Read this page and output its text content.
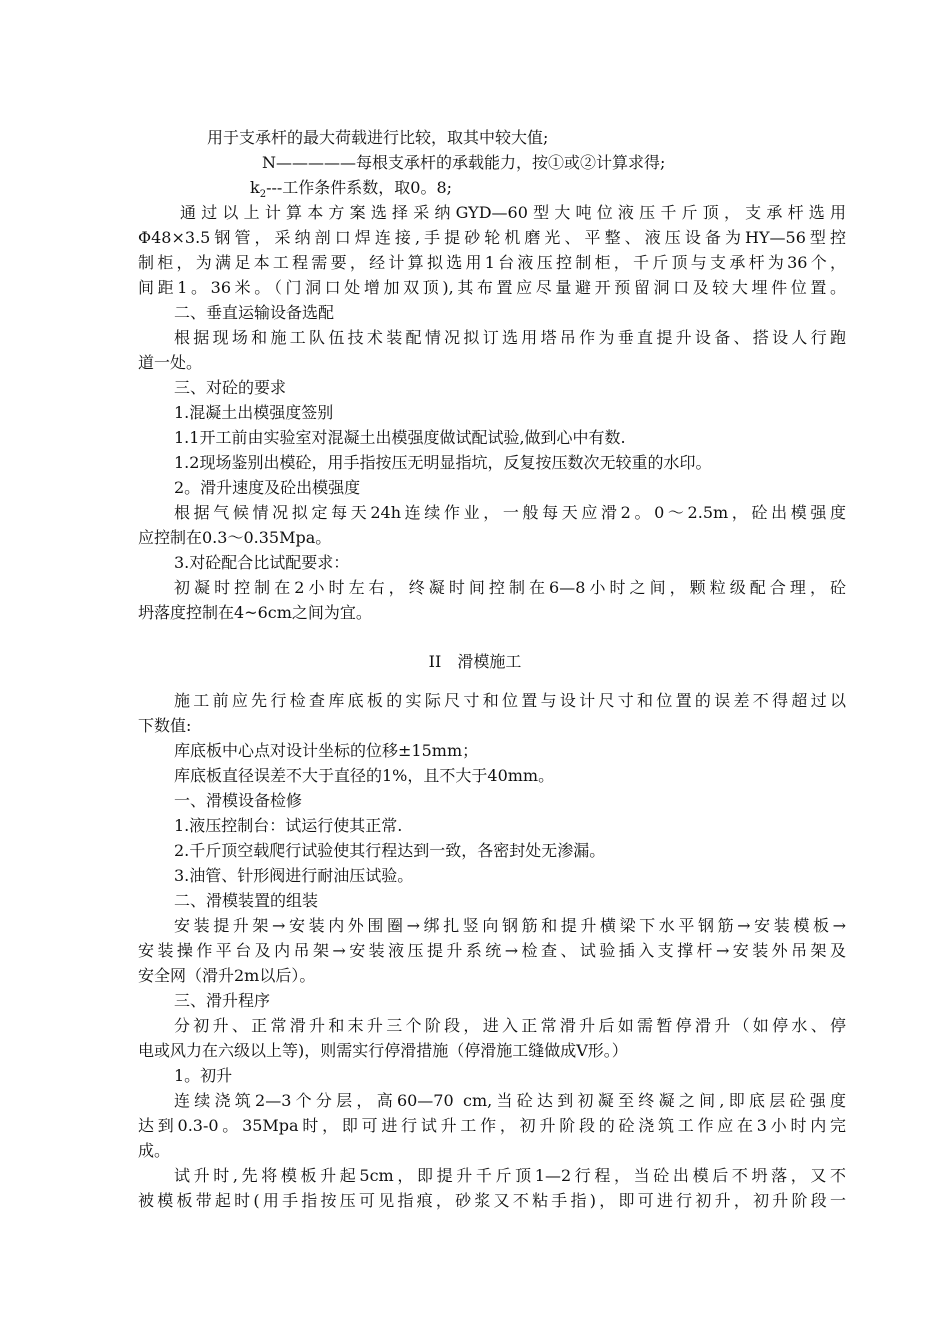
用于支承杆的最大荷载进行比较，取其中较大值;
N—————每根支承杆的承载能力，按①或②计算求得;
$k_2---$工作条件系数，取0。8;
通过以上计算本方案选择采纳GYD—60型大吨位液压千斤顶，支承杆选用
Φ48×3.5钢管，采纳剖口焊连接,手提砂轮机磨光、平整、液压设备为HY—56型控
制柜，为满足本工程需要，经计算拟选用1台液压控制柜，千斤顶与支承杆为36个，
间距1。36米。（门洞口处增加双顶),其布置应尽量避开预留洞口及较大埋件位置。
二、垂直运输设备选配
根据现场和施工队伍技术装配情况拟订选用塔吊作为垂直提升设备、搭设人行跑
道一处。
三、对砼的要求
1.混凝土出模强度签别
1.1开工前由实验室对混凝土出模强度做试配试验,做到心中有数.
1.2现场鉴别出模砼，用手指按压无明显指坑，反复按压数次无较重的水印。
2。滑升速度及砼出模强度
根据气候情况拟定每天24h连续作业，一般每天应滑2。0～2.5m，砼出模强度
应控制在0.3～0.35Mpa。
3.对砼配合比试配要求：
初凝时控制在2小时左右，终凝时间控制在6—8小时之间，颗粒级配合理，砼
坍落度控制在4~6cm之间为宜。
II　滑模施工
施工前应先行检查库底板的实际尺寸和位置与设计尺寸和位置的误差不得超过以
下数值:
库底板中心点对设计坐标的位移±15mm；
库底板直径误差不大于直径的1%，且不大于40mm。
一、滑模设备检修
1.液压控制台：试运行使其正常.
2.千斤顶空载爬行试验使其行程达到一致，各密封处无渗漏。
3.油管、针形阀进行耐油压试验。
二、滑模装置的组装
安装提升架→安装内外围圈→绑扎竖向钢筋和提升横梁下水平钢筋→安装模板→
安装操作平台及内吊架→安装液压提升系统→检查、试验插入支撑杆→安装外吊架及
安全网（滑升2m以后）。
三、滑升程序
分初升、正常滑升和末升三个阶段，进入正常滑升后如需暂停滑升（如停水、停
电或风力在六级以上等)，则需实行停滑措施（停滑施工缝做成V形。）
1。初升
连续浇筑2—3个分层，高60—70 cm,当砼达到初凝至终凝之间,即底层砼强度
达到0.3-0。35Mpa时，即可进行试升工作，初升阶段的砼浇筑工作应在3小时内完
成。
试升时,先将模板升起5cm，即提升千斤顶1—2行程，当砼出模后不坍落，又不
被模板带起时(用手指按压可见指痕，砂浆又不粘手指)，即可进行初升，初升阶段一
